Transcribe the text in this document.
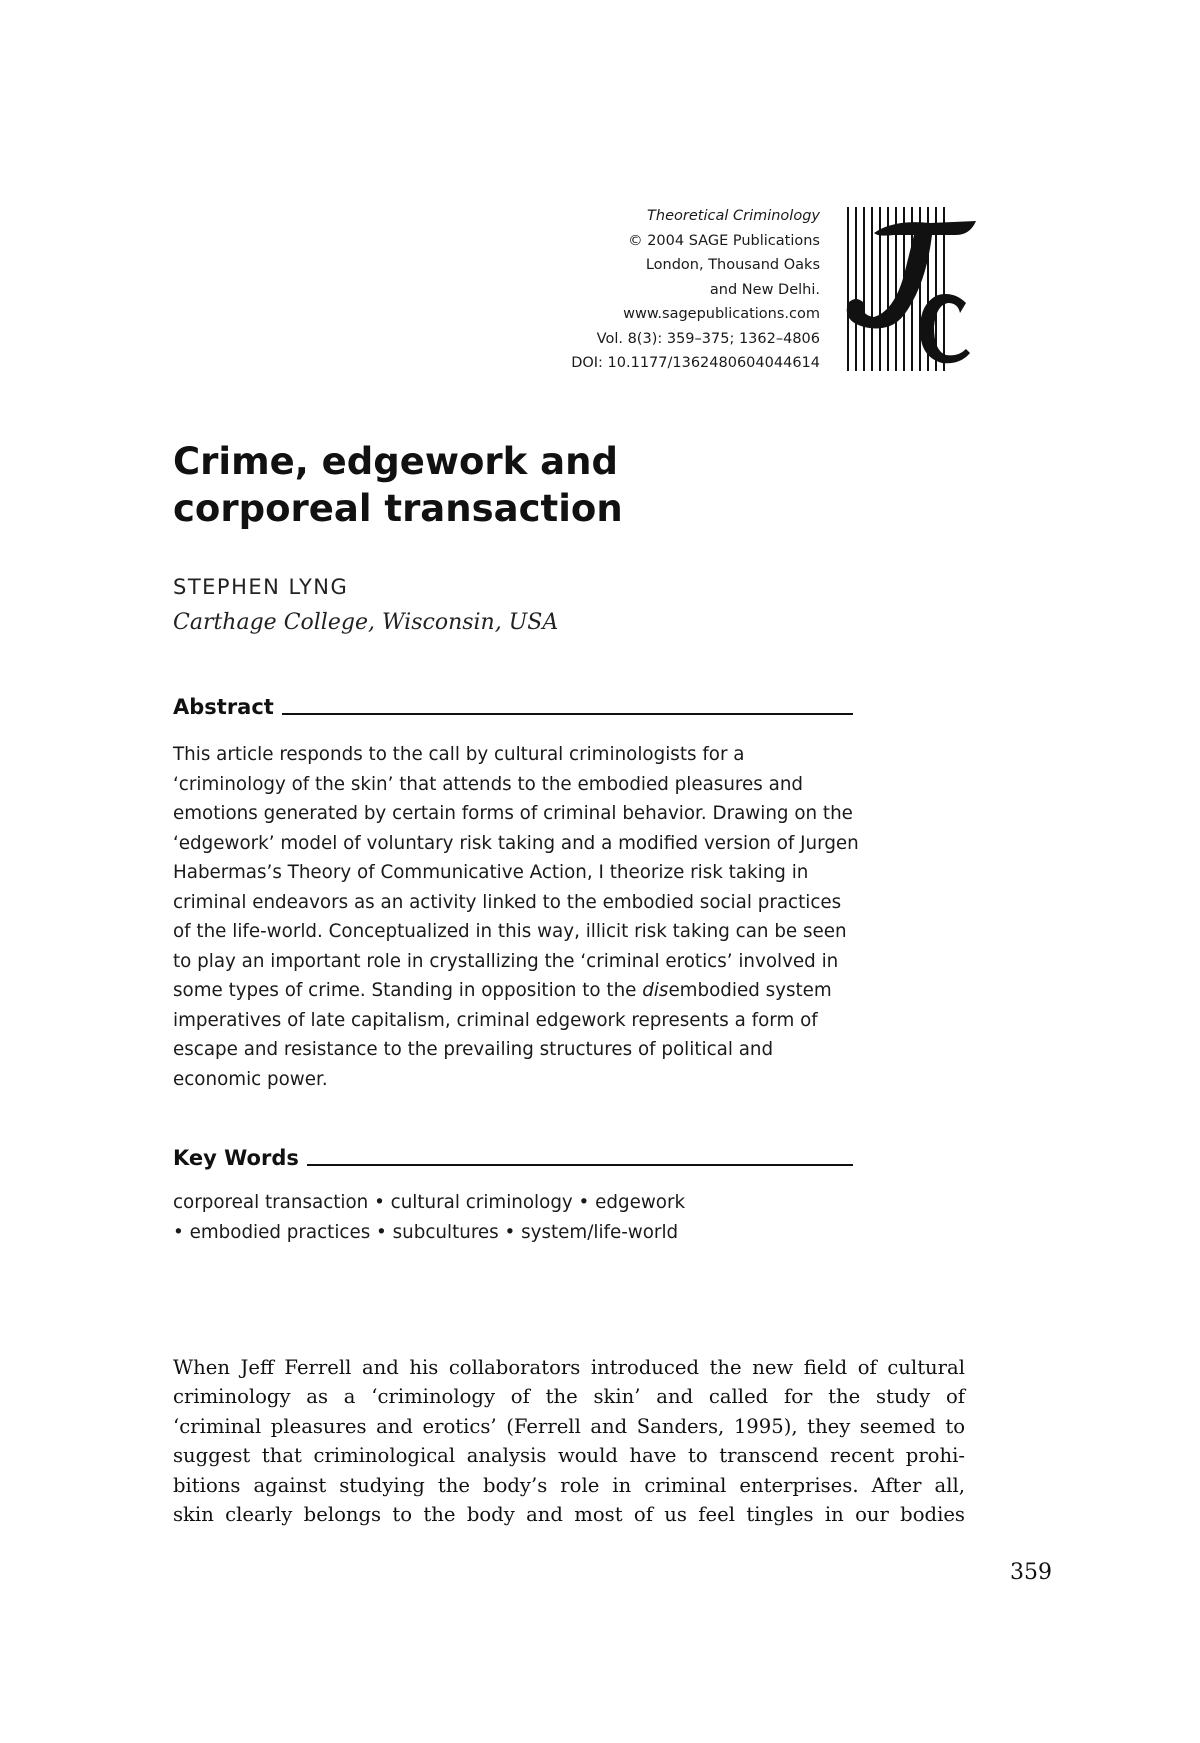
Theoretical Criminology
© 2004 SAGE Publications
London, Thousand Oaks
and New Delhi.
www.sagepublications.com
Vol. 8(3): 359–375; 1362–4806
DOI: 10.1177/1362480604044614
Crime, edgework and
corporeal transaction
STEPHEN LYNG
Carthage College, Wisconsin, USA
Abstract

This article responds to the call by cultural criminologists for a ‘criminology of the skin’ that attends to the embodied pleasures and emotions generated by certain forms of criminal behavior. Drawing on the ‘edgework’ model of voluntary risk taking and a modified version of Jurgen Habermas’s Theory of Communicative Action, I theorize risk taking in criminal endeavors as an activity linked to the embodied social practices of the life-world. Conceptualized in this way, illicit risk taking can be seen to play an important role in crystallizing the ‘criminal erotics’ involved in some types of crime. Standing in opposition to the disembodied system imperatives of late capitalism, criminal edgework represents a form of escape and resistance to the prevailing structures of political and economic power.

Key Words
corporeal transaction • cultural criminology • edgework
• embodied practices • subcultures • system/life-world
When Jeff Ferrell and his collaborators introduced the new field of cultural
criminology as a ‘criminology of the skin’ and called for the study of
‘criminal pleasures and erotics’ (Ferrell and Sanders, 1995), they seemed to
suggest that criminological analysis would have to transcend recent prohi-
bitions against studying the body’s role in criminal enterprises. After all,
skin clearly belongs to the body and most of us feel tingles in our bodies
359
